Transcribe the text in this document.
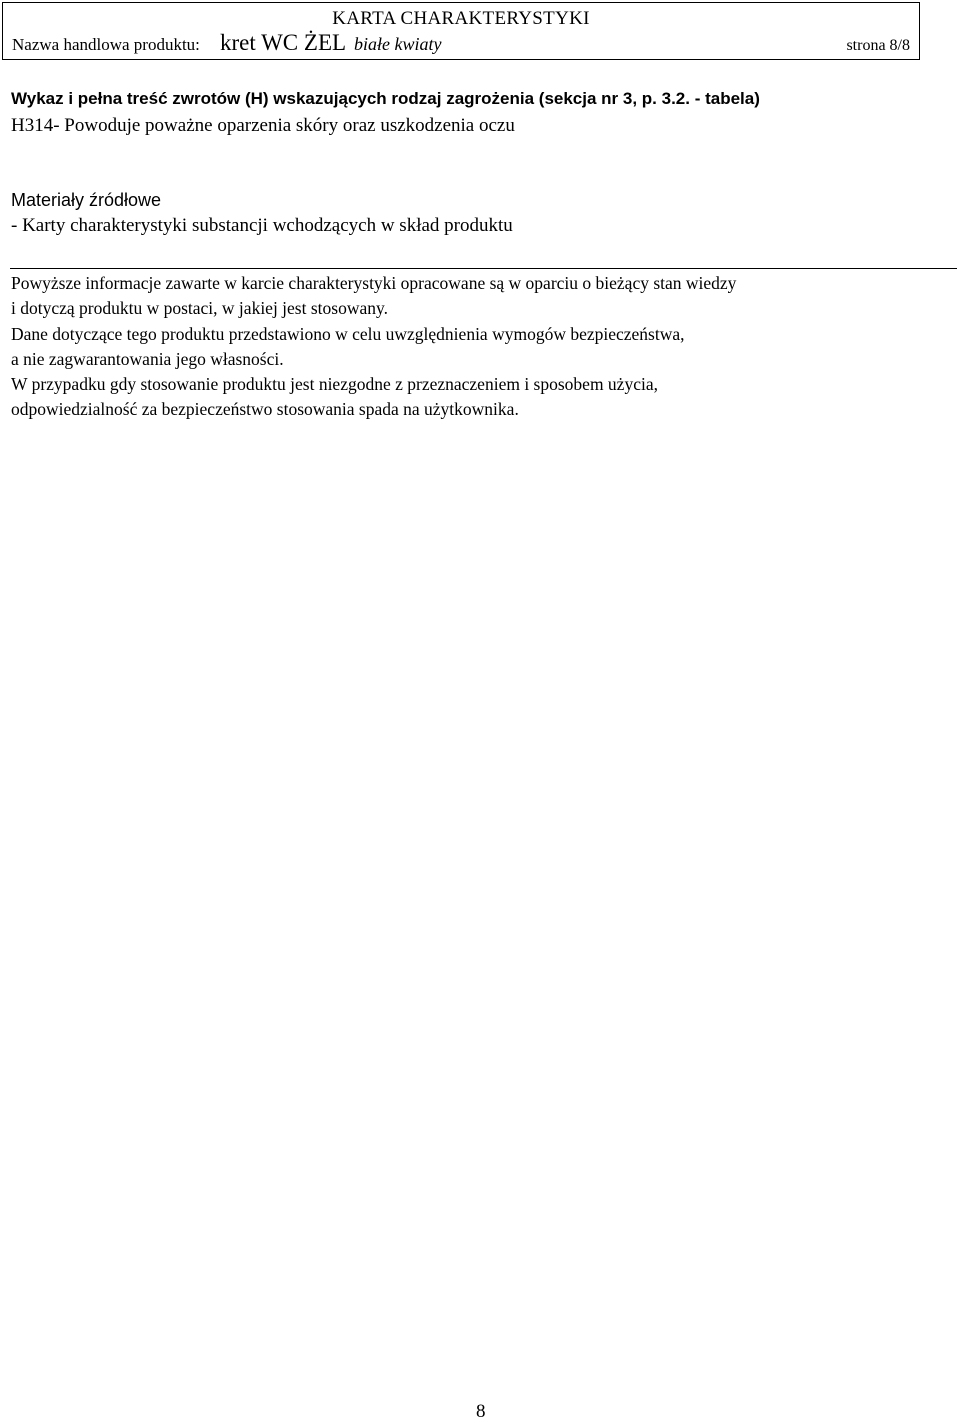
KARTA CHARAKTERYSTYKI
Nazwa handlowa produktu: kret WC ŻEL białe kwiaty	strona 8/8
Wykaz i pełna treść zwrotów (H) wskazujących rodzaj zagrożenia (sekcja nr 3, p. 3.2. - tabela)
H314- Powoduje poważne oparzenia skóry oraz uszkodzenia oczu
Materiały źródłowe
- Karty charakterystyki substancji wchodzących w skład produktu
Powyższe informacje zawarte w karcie charakterystyki opracowane są w oparciu o bieżący stan wiedzy
i dotyczą produktu w postaci, w jakiej jest stosowany.
Dane dotyczące tego produktu przedstawiono w celu uwzględnienia wymogów bezpieczeństwa,
a nie zagwarantowania jego własności.
W przypadku gdy stosowanie produktu jest niezgodne z przeznaczeniem i sposobem użycia,
odpowiedzialność za bezpieczeństwo stosowania spada na użytkownika.
8
